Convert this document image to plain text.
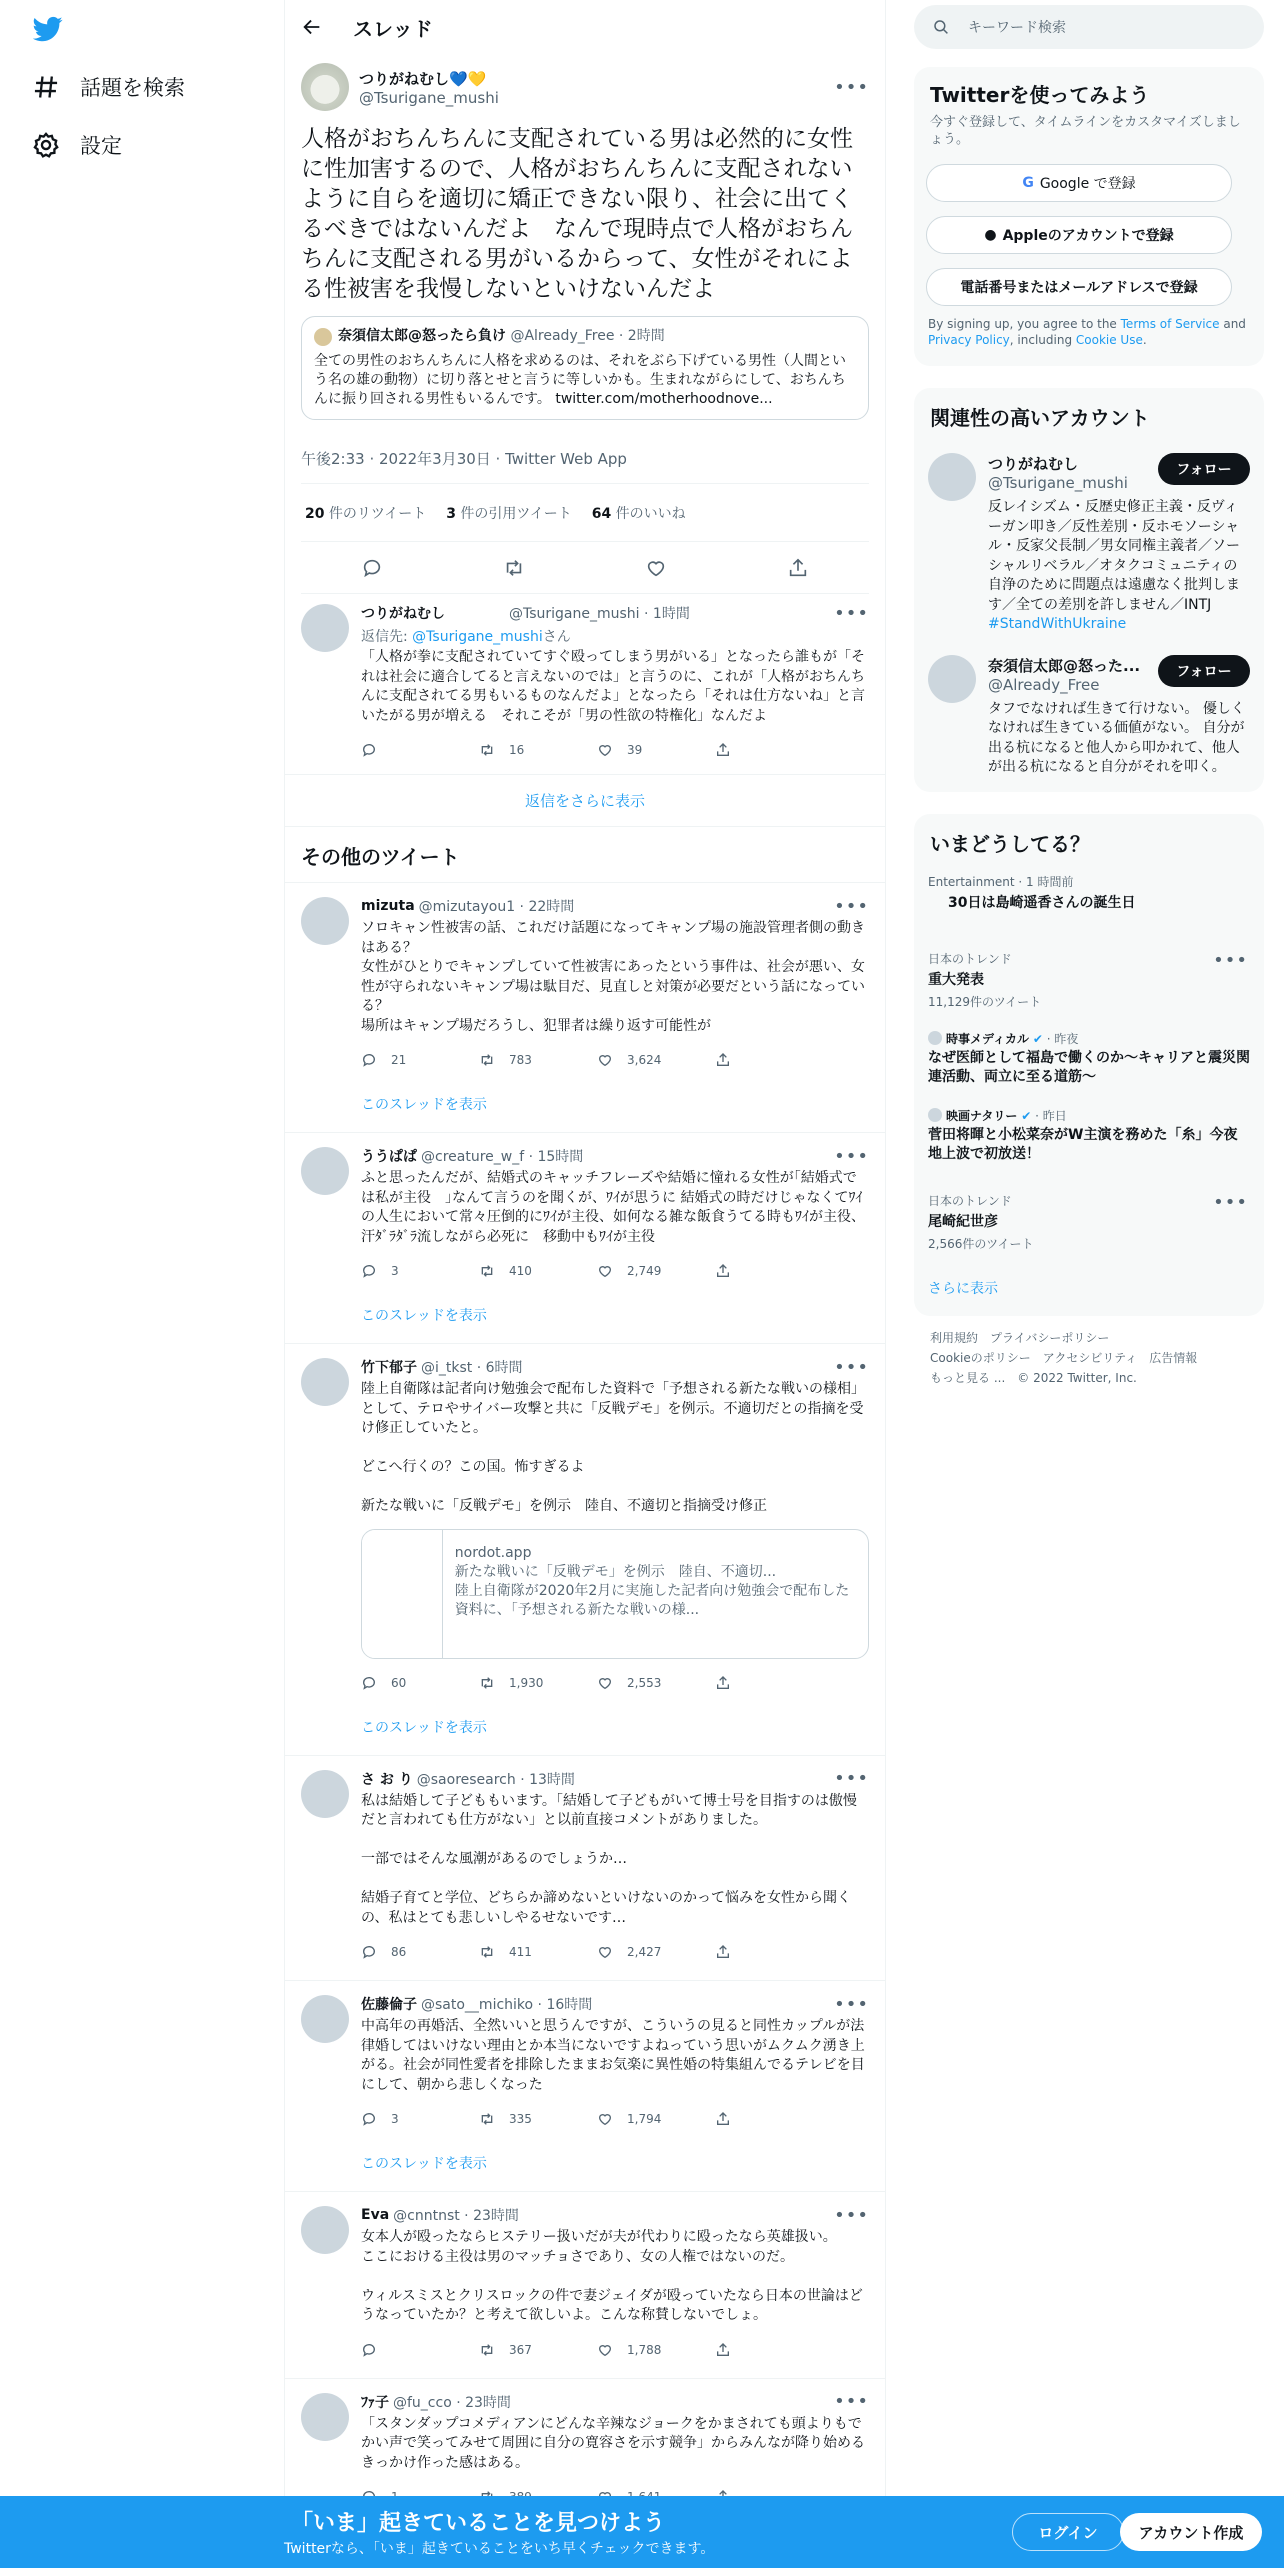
話題を検索
設定
スレッド
つりがねむし💙💛
@Tsurigane_mushi	•••
人格がおちんちんに支配されている男は必然的に女性に性加害するので、人格がおちんちんに支配されないように自らを適切に矯正できない限り、社会に出てくるべきではないんだよ　なんで現時点で人格がおちんちんに支配される男がいるからって、女性がそれによる性被害を我慢しないといけないんだよ
奈須信太郎@怒ったら負け
@Already_Free
· 2時間
全ての男性のおちんちんに人格を求めるのは、それをぶら下げている男性（人間という名の雄の動物）に切り落とせと言うに等しいかも。生まれながらにして、おちんちんに振り回される男性もいるんです。 twitter.com/motherhoodnove...
午後2:33 · 2022年3月30日 · Twitter Web App
20 件のリツイート 3 件の引用ツイート 64 件のいいね
つりがねむし	@Tsurigane_mushi · 1時間	•••
返信先: @Tsurigane_mushiさん
「人格が拳に支配されていてすぐ殴ってしまう男がいる」となったら誰もが「それは社会に適合してると言えないのでは」と言うのに、これが「人格がおちんちんに支配されてる男もいるものなんだよ」となったら「それは仕方ないね」と言いたがる男が増える　それこそが「男の性欲の特権化」なんだよ
16	39
返信をさらに表示
その他のツイート
mizuta @mizutayou1 · 22時間	•••
ソロキャン性被害の話、これだけ話題になってキャンプ場の施設管理者側の動きはある？
女性がひとりでキャンプしていて性被害にあったという事件は、社会が悪い、女性が守られないキャンプ場は駄目だ、見直しと対策が必要だという話になっている？
場所はキャンプ場だろうし、犯罪者は繰り返す可能性が
21	783	3,624
このスレッドを表示
ううぱぱ @creature_w_f · 15時間	•••
ふと思ったんだが、結婚式のキャッチフレーズや結婚に憧れる女性が｢結婚式では私が主役　｣なんて言うのを聞くが、ﾜｲが思うに 結婚式の時だけじゃなくてﾜｲの人生において常々圧倒的にﾜｲが主役、如何なる雑な飯食うてる時もﾜｲが主役、汗ﾀﾞﾗﾀﾞﾗ流しながら必死に　移動中もﾜｲが主役
3	410	2,749
このスレッドを表示
竹下郁子 @i_tkst · 6時間	•••
陸上自衛隊は記者向け勉強会で配布した資料で「予想される新たな戦いの様相」として、テロやサイバー攻撃と共に「反戦デモ」を例示。不適切だとの指摘を受け修正していたと。

どこへ行くの？この国。怖すぎるよ

新たな戦いに「反戦デモ」を例示　陸自、不適切と指摘受け修正
nordot.app
新たな戦いに「反戦デモ」を例示　陸自、不適切...
陸上自衛隊が2020年2月に実施した記者向け勉強会で配布した資料に、「予想される新たな戦いの様...
60	1,930	2,553
このスレッドを表示
さ お り @saoresearch · 13時間	•••
私は結婚して子どももいます。「結婚して子どもがいて博士号を目指すのは傲慢だと言われても仕方がない」と以前直接コメントがありました。

一部ではそんな風潮があるのでしょうか…

結婚子育てと学位、どちらか諦めないといけないのかって悩みを女性から聞くの、私はとても悲しいしやるせないです…
86	411	2,427
佐藤倫子 @sato__michiko · 16時間	•••
中高年の再婚活、全然いいと思うんですが、こういうの見ると同性カップルが法律婚してはいけない理由とか本当にないですよねっていう思いがムクムク湧き上がる。社会が同性愛者を排除したままお気楽に異性婚の特集組んでるテレビを目にして、朝から悲しくなった
3	335	1,794
このスレッドを表示
Eva @cnntnst · 23時間	•••
女本人が殴ったならヒステリー扱いだが夫が代わりに殴ったなら英雄扱い。
ここにおける主役は男のマッチョさであり、女の人権ではないのだ。

ウィルスミスとクリスロックの件で妻ジェイダが殴っていたなら日本の世論はどうなっていたか？と考えて欲しいよ。こんな称賛しないでしょ。
367	1,788
ﾌｧ子 @fu_cco · 23時間	•••
「スタンダップコメディアンにどんな辛辣なジョークをかまされても頭よりもでかい声で笑ってみせて周囲に自分の寛容さを示す競争」からみんなが降り始めるきっかけ作った感はある。
キーワード検索
Twitterを使ってみよう
今すぐ登録して、タイムラインをカスタマイズしましょう。
G Google で登録
● Appleのアカウントで登録
電話番号またはメールアドレスで登録
By signing up, you agree to the Terms of Service and Privacy Policy, including Cookie Use.
関連性の高いアカウント
つりがねむし
@Tsurigane_mushi
フォロー
反レイシズム・反歴史修正主義・反ヴィーガン叩き／反性差別・反ホモソーシャル・反家父長制／男女同権主義者／ソーシャルリベラル／オタクコミュニティの自浄のために問題点は遠慮なく批判します／全ての差別を許しません／INTJ
#StandWithUkraine
奈須信太郎@怒った...
@Already_Free
フォロー
タフでなければ生きて行けない。 優しくなければ生きている価値がない。 自分が出る杭になると他人から叩かれて、他人が出る杭になると自分がそれを叩く。
いまどうしてる？
Entertainment · 1 時間前
30日は島崎遥香さんの誕生日
日本のトレンド
重大発表
11,129件のツイート
•••
時事メディカル ✔ · 昨夜
なぜ医師として福島で働くのか～キャリアと震災関連活動、両立に至る道筋～
映画ナタリー ✔ · 昨日
菅田将暉と小松菜奈がW主演を務めた「糸」今夜地上波で初放送！
日本のトレンド
尾崎紀世彦
2,566件のツイート
•••
さらに表示
利用規約　 プライバシーポリシー
Cookieのポリシー　 アクセシビリティ　 広告情報
もっと見る ...　 © 2022 Twitter, Inc.
「いま」起きていることを見つけよう
Twitterなら、「いま」起きていることをいち早くチェックできます。
ログイン	アカウント作成
